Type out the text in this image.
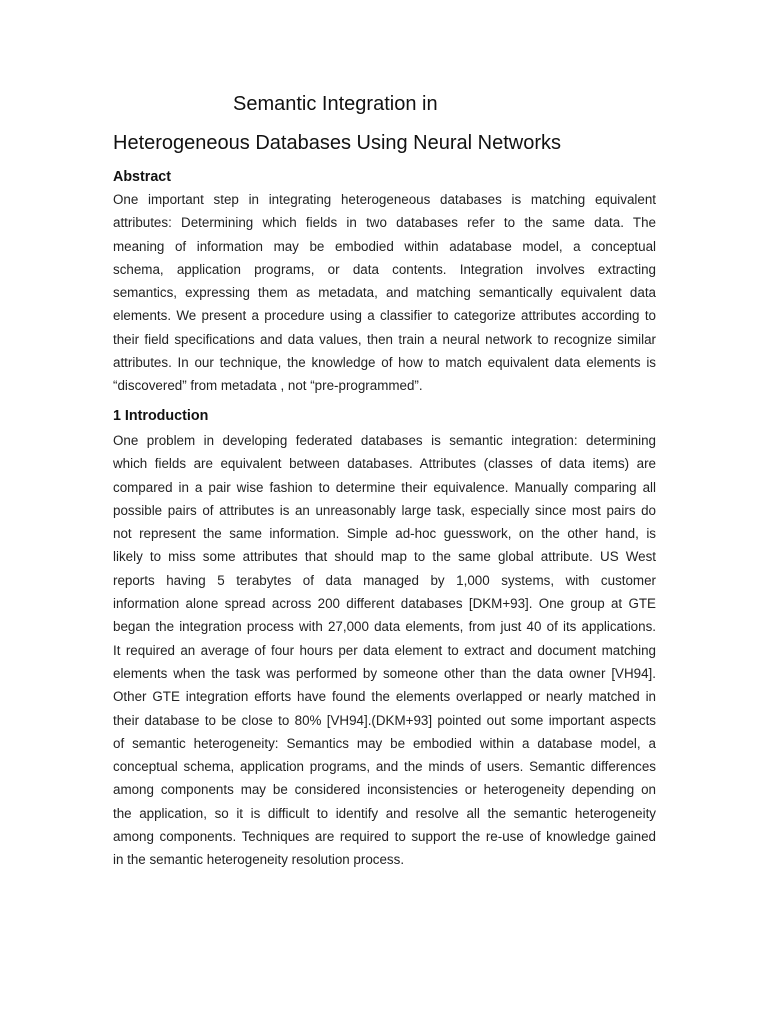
Semantic Integration in
Heterogeneous Databases Using Neural Networks
Abstract
One important step in integrating heterogeneous databases is matching equivalent
attributes: Determining which fields in two databases refer to the same data. The
meaning of information may be embodied within adatabase model, a conceptual
schema, application programs, or data contents. Integration involves extracting
semantics, expressing them as metadata, and matching semantically equivalent data
elements. We present a procedure using a classifier to categorize attributes according to
their field specifications and data values, then train a neural network to recognize similar
attributes. In our technique, the knowledge of how to match equivalent data elements is
“discovered” from metadata , not “pre-programmed”.
1 Introduction
One problem in developing federated databases is semantic integration: determining
which fields are equivalent between databases. Attributes (classes of data items) are
compared in a pair wise fashion to determine their equivalence. Manually comparing all
possible pairs of attributes is an unreasonably large task, especially since most pairs do
not represent the same information. Simple ad-hoc guesswork, on the other hand, is
likely to miss some attributes that should map to the same global attribute. US West
reports having 5 terabytes of data managed by 1,000 systems, with customer
information alone spread across 200 different databases [DKM+93]. One group at GTE
began the integration process with 27,000 data elements, from just 40 of its applications.
It required an average of four hours per data element to extract and document matching
elements when the task was performed by someone other than the data owner [VH94].
Other GTE integration efforts have found the elements overlapped or nearly matched in
their database to be close to 80% [VH94].(DKM+93] pointed out some important aspects
of semantic heterogeneity: Semantics may be embodied within a database model, a
conceptual schema, application programs, and the minds of users. Semantic differences
among components may be considered inconsistencies or heterogeneity depending on
the application, so it is difficult to identify and resolve all the semantic heterogeneity
among components. Techniques are required to support the re-use of knowledge gained
in the semantic heterogeneity resolution process.
